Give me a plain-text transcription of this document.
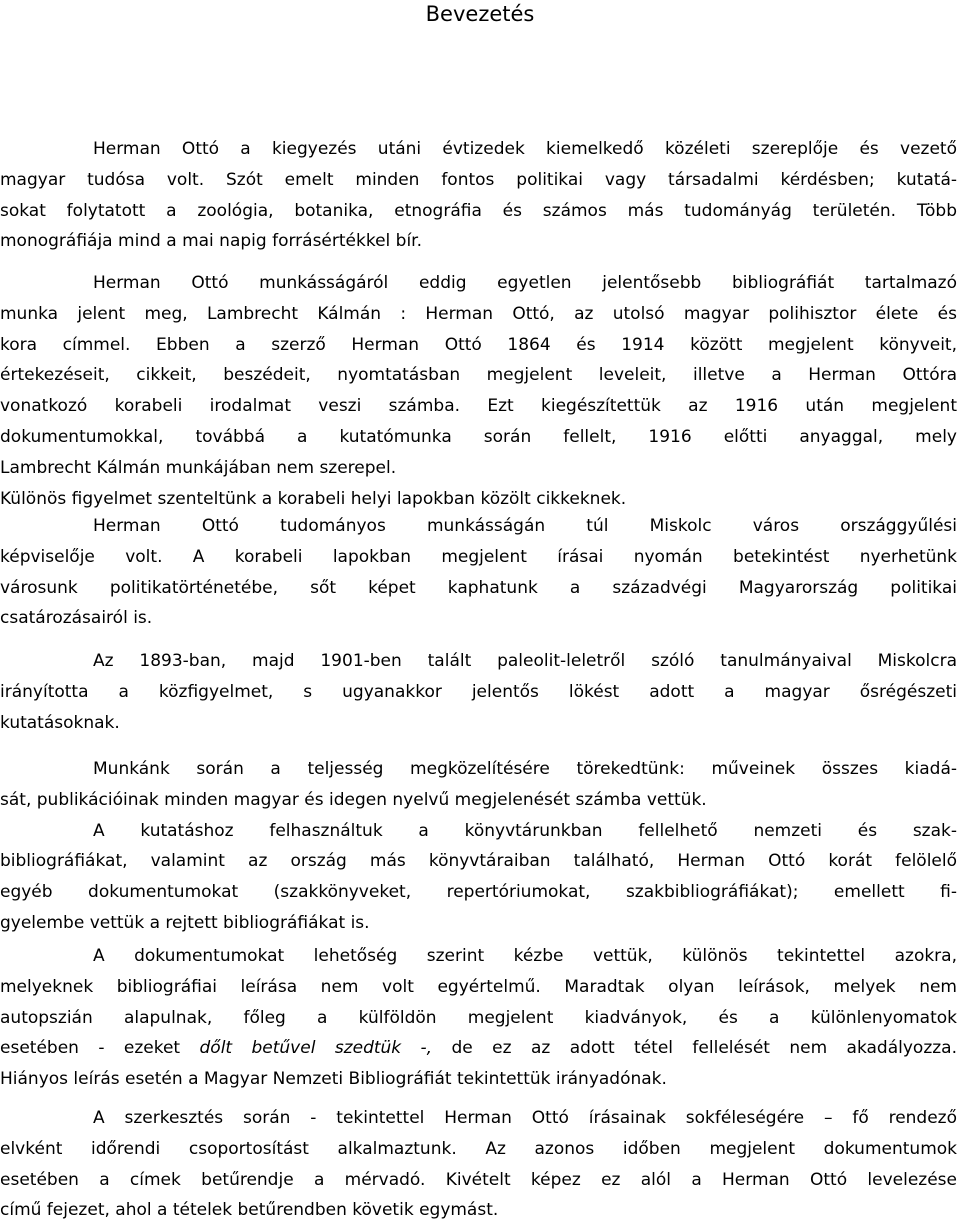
Bevezetés

Herman Ottó a kiegyezés utáni évtizedek kiemelkedő közéleti szereplője és vezető
magyar tudósa volt. Szót emelt minden fontos politikai vagy társadalmi kérdésben; kutatá-
sokat folytatott a zoológia, botanika, etnográfia és számos más tudományág területén. Több
monográfiája mind a mai napig forrásértékkel bír.

Herman Ottó munkásságáról eddig egyetlen jelentősebb bibliográfiát tartalmazó
munka jelent meg, Lambrecht Kálmán : Herman Ottó, az utolsó magyar polihisztor élete és
kora címmel. Ebben a szerző Herman Ottó 1864 és 1914 között megjelent könyveit,
értekezéseit, cikkeit, beszédeit, nyomtatásban megjelent leveleit, illetve a Herman Ottóra
vonatkozó korabeli irodalmat veszi számba. Ezt kiegészítettük az 1916 után megjelent
dokumentumokkal, továbbá a kutatómunka során fellelt, 1916 előtti anyaggal, mely
Lambrecht Kálmán munkájában nem szerepel.
Különös figyelmet szenteltünk a korabeli helyi lapokban közölt cikkeknek.

Herman Ottó tudományos munkásságán túl Miskolc város országgyűlési
képviselője volt. A korabeli lapokban megjelent írásai nyomán betekintést nyerhetünk
városunk politikatörténetébe, sőt képet kaphatunk a századvégi Magyarország politikai
csatározásairól is.

Az 1893-ban, majd 1901-ben talált paleolit-leletről szóló tanulmányaival Miskolcra
irányította a közfigyelmet, s ugyanakkor jelentős lökést adott a magyar ősrégészeti
kutatásoknak.

Munkánk során a teljesség megközelítésére törekedtünk: műveinek összes kiadá-
sát, publikációinak minden magyar és idegen nyelvű megjelenését számba vettük.
A kutatáshoz felhasználtuk a könyvtárunkban fellelhető nemzeti és szak-
bibliográfiákat, valamint az ország más könyvtáraiban található, Herman Ottó korát felölelő
egyéb dokumentumokat (szakkönyveket, repertóriumokat, szakbibliográfiákat); emellett fi-
gyelembe vettük a rejtett bibliográfiákat is.

A dokumentumokat lehetőség szerint kézbe vettük, különös tekintettel azokra,
melyeknek bibliográfiai leírása nem volt egyértelmű. Maradtak olyan leírások, melyek nem
autopszián alapulnak, főleg a külföldön megjelent kiadványok, és a különlenyomatok
esetében - ezeket dőlt betűvel szedtük -, de ez az adott tétel fellelését nem akadályozza.
Hiányos leírás esetén a Magyar Nemzeti Bibliográfiát tekintettük irányadónak.

A szerkesztés során - tekintettel Herman Ottó írásainak sokféleségére – fő rendező
elvként időrendi csoportosítást alkalmaztunk. Az azonos időben megjelent dokumentumok
esetében a címek betűrendje a mérvadó. Kivételt képez ez alól a Herman Ottó levelezése
című fejezet, ahol a tételek betűrendben követik egymást.
